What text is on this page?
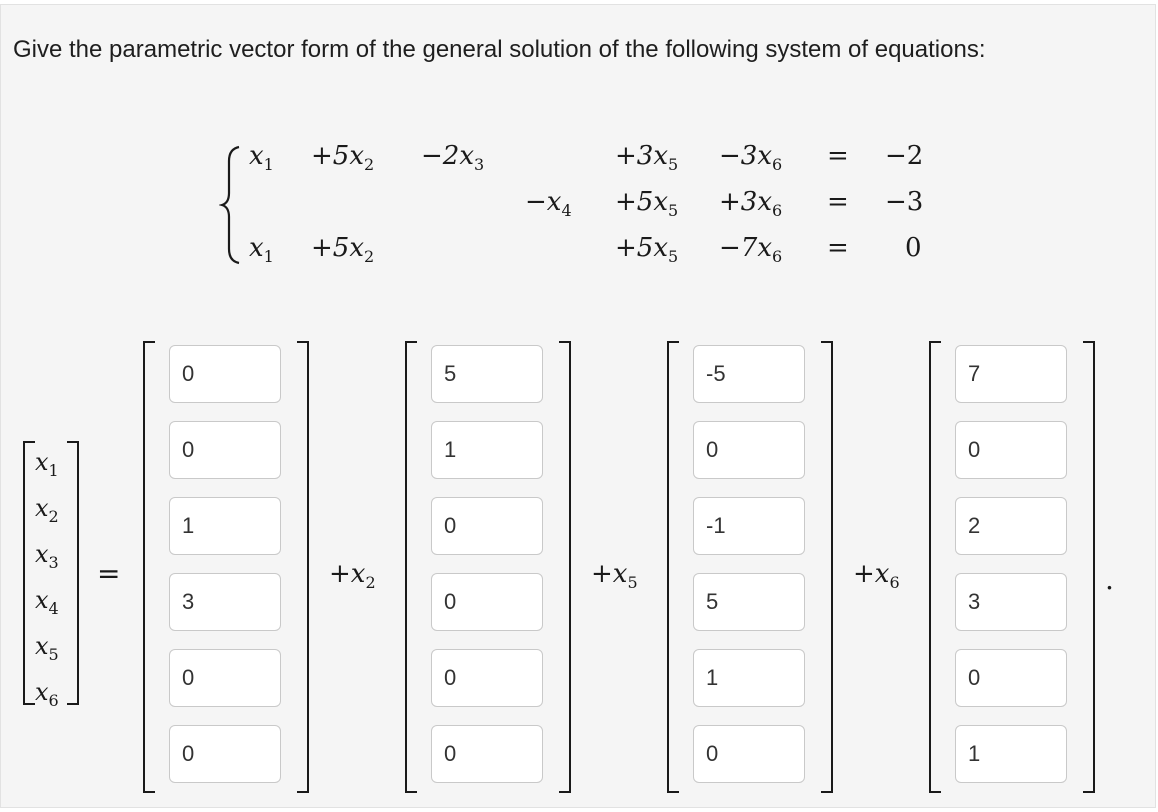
Give the parametric vector form of the general solution of the following system of equations:
$x_1 +5x_2 -2x_3$	$+3x_5 -3x_6 = -2$
$-x_4 +5x_5 +3x_6 = -3$
$x_1 +5x_2$	$+5x_5 -7x_6 = 0$
$x_1$
$x_2$
$x_3$
$x_4$
$x_5$
$x_6$
=
0
0
1
3
0
0
$+x_2$
5
1
0
0
0
0
$+x_5$
-5
0
-1
5
1
0
$+x_6$
7
0
2
3
0
1
.
